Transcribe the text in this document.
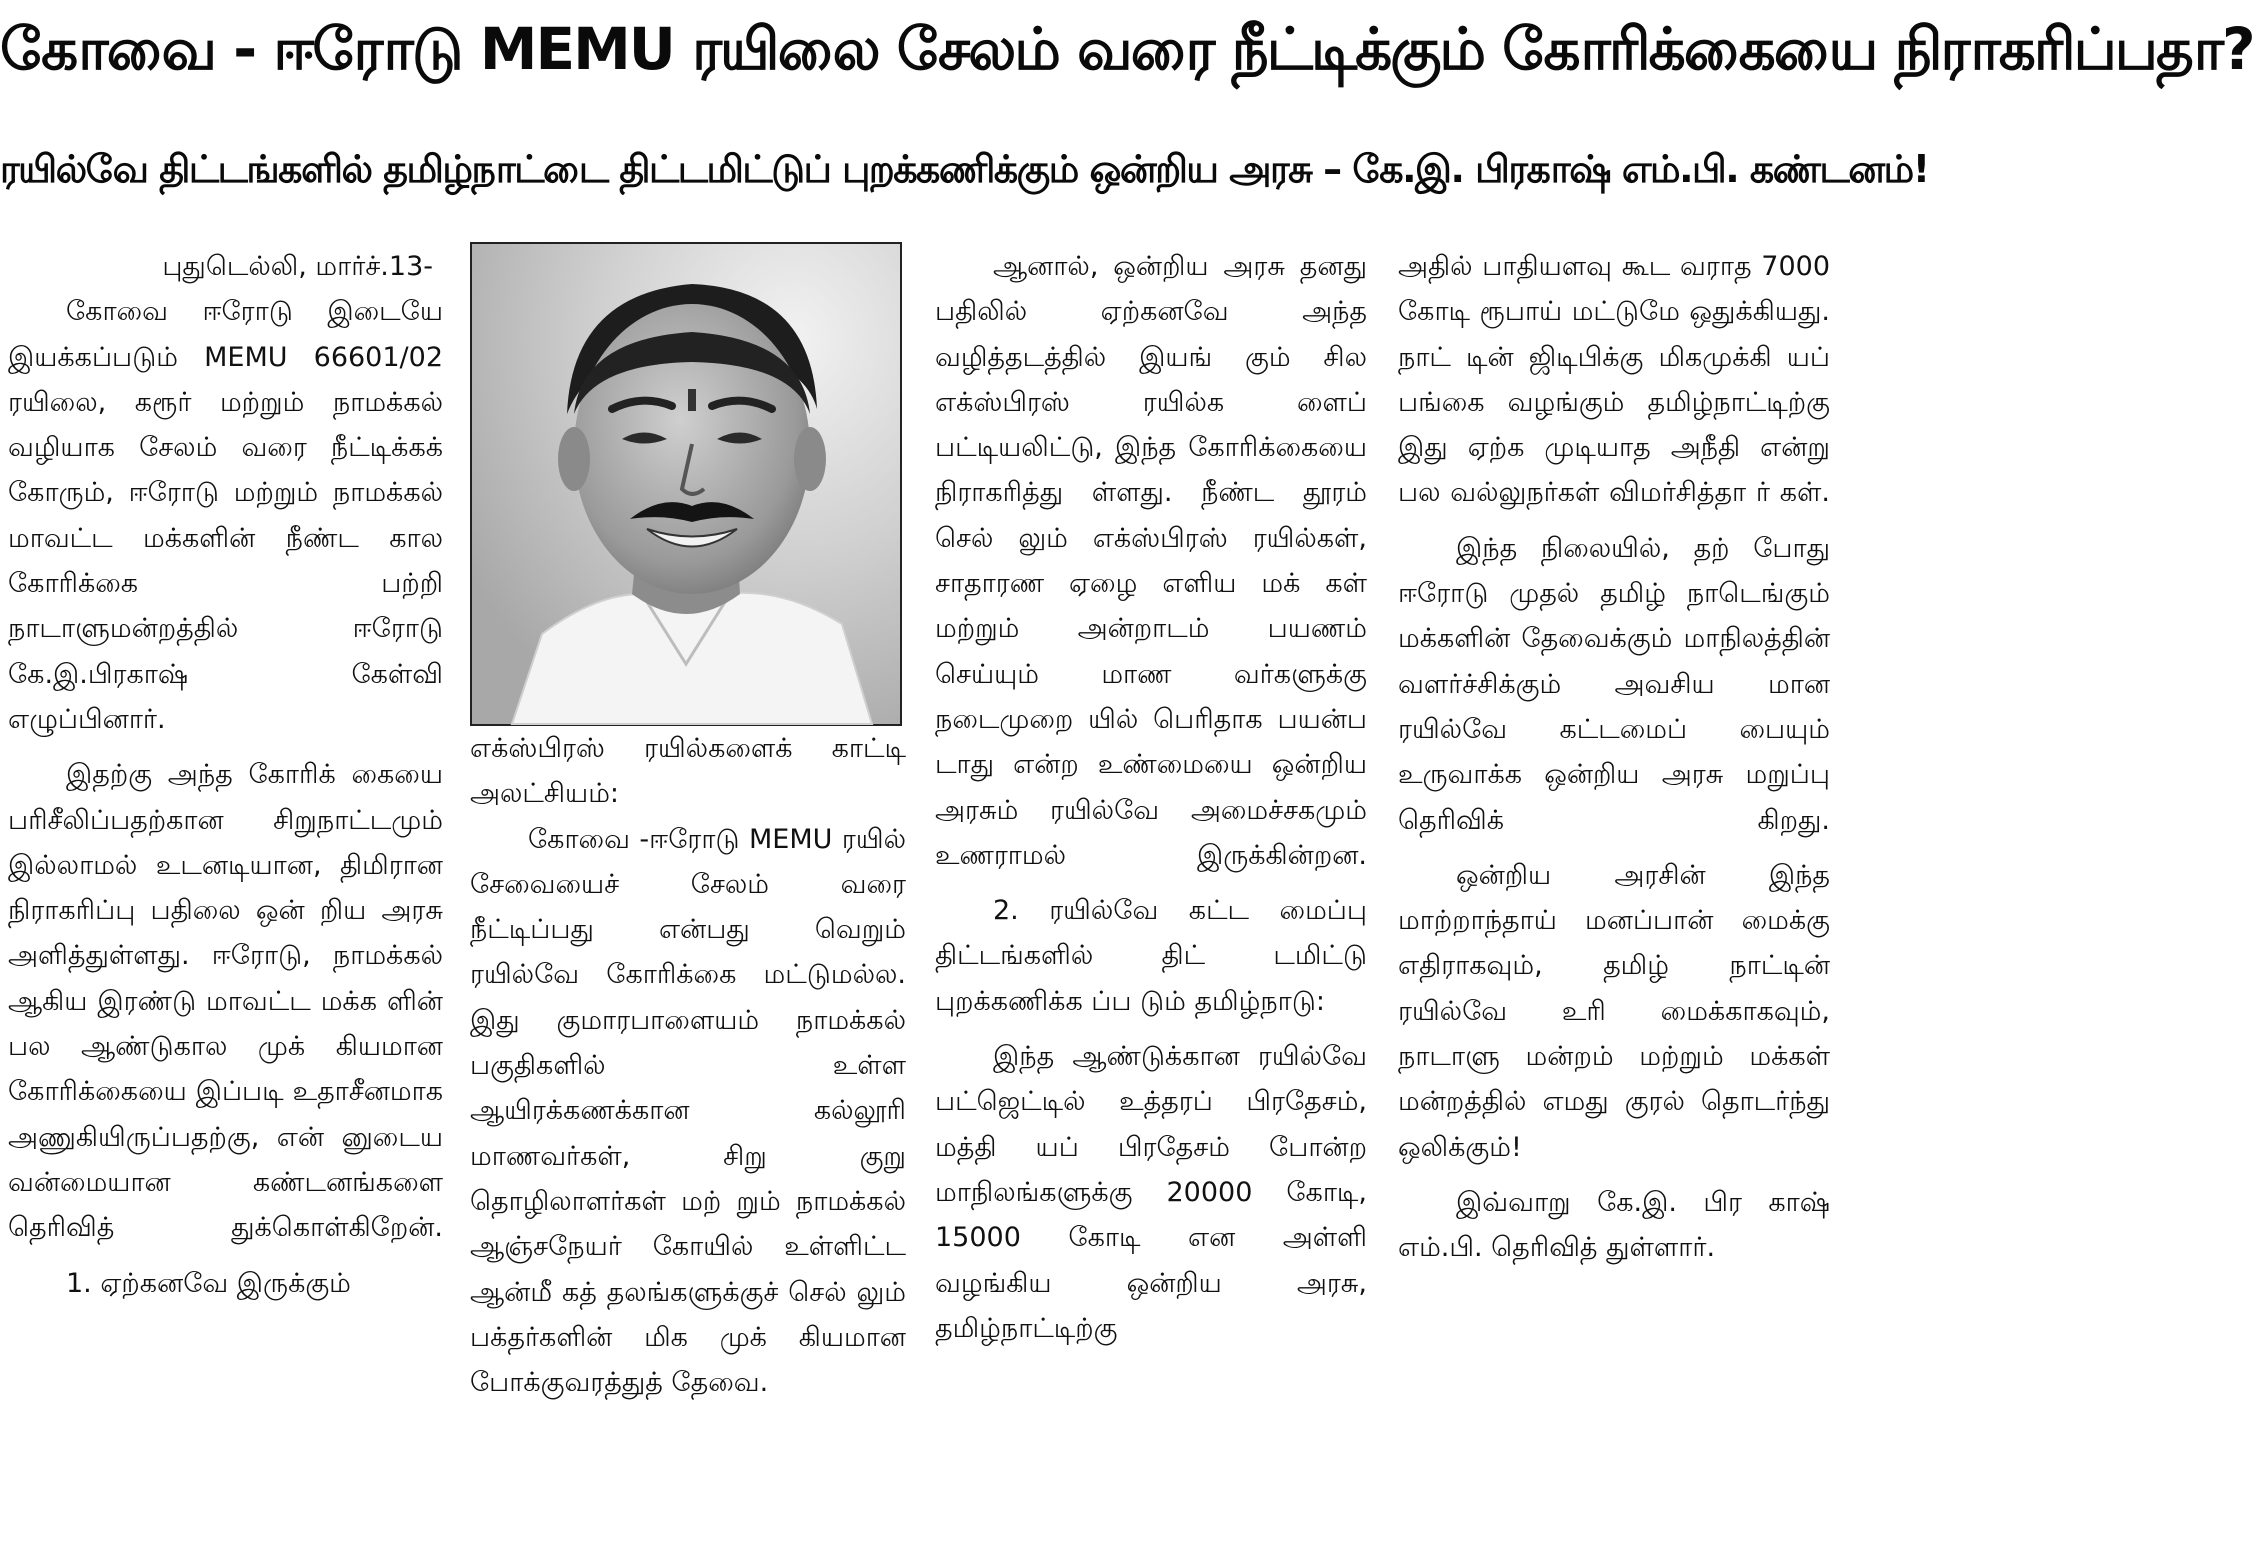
கோவை - ஈரோடு MEMU ரயிலை சேலம் வரை நீட்டிக்கும் கோரிக்கையை நிராகரிப்பதா?
ரயில்வே திட்டங்களில் தமிழ்நாட்டை திட்டமிட்டுப் புறக்கணிக்கும் ஒன்றிய அரசு – கே.இ. பிரகாஷ் எம்.பி. கண்டனம்!

புதுடெல்லி, மார்ச்.13-

கோவை ஈரோடு இடையே இயக்கப்படும் MEMU 66601/02 ரயிலை, கரூர் மற்றும் நாமக்கல் வழியாக சேலம் வரை நீட்டிக்கக் கோரும், ஈரோடு மற்றும் நாமக்கல் மாவட்ட மக்களின் நீண்ட கால கோரிக்கை பற்றி நாடாளுமன்றத்தில் ஈரோடு கே.இ.பிரகாஷ் கேள்வி எழுப்பினார்.

இதற்கு அந்த கோரிக் கையை பரிசீலிப்பதற்கான சிறுநாட்டமும் இல்லாமல் உடனடியான, திமிரான நிராகரிப்பு பதிலை ஒன் றிய அரசு அளித்துள்ளது. ஈரோடு, நாமக்கல் ஆகிய இரண்டு மாவட்ட மக்க ளின் பல ஆண்டுகால முக் கியமான கோரிக்கையை இப்படி உதாசீனமாக அணுகியிருப்பதற்கு, என் னுடைய வன்மையான கண்டனங்களை தெரிவித் துக்கொள்கிறேன்.

1. ஏற்கனவே இருக்கும்

எக்ஸ்பிரஸ் ரயில்களைக் காட்டி அலட்சியம்:

கோவை -ஈரோடு MEMU ரயில் சேவையைச் சேலம் வரை நீட்டிப்பது என்பது வெறும் ரயில்வே கோரிக்கை மட்டுமல்ல. இது குமாரபாளையம் நாமக்கல் பகுதிகளில் உள்ள ஆயிரக்கணக்கான கல்லூரி மாணவர்கள், சிறு குறு தொழிலாளர்கள் மற் றும் நாமக்கல் ஆஞ்சநேயர் கோயில் உள்ளிட்ட ஆன்மீ கத் தலங்களுக்குச் செல் லும் பக்தர்களின் மிக முக் கியமான போக்குவரத்துத் தேவை.

ஆனால், ஒன்றிய அரசு தனது பதிலில் ஏற்கனவே அந்த வழித்தடத்தில் இயங் கும் சில எக்ஸ்பிரஸ் ரயில்க ளைப் பட்டியலிட்டு, இந்த கோரிக்கையை நிராகரித்து ள்ளது. நீண்ட தூரம் செல் லும் எக்ஸ்பிரஸ் ரயில்கள், சாதாரண ஏழை எளிய மக் கள் மற்றும் அன்றாடம் பயணம் செய்யும் மாண வர்களுக்கு நடைமுறை யில் பெரிதாக பயன்ப டாது என்ற உண்மையை ஒன்றிய அரசும் ரயில்வே அமைச்சகமும் உணராமல் இருக்கின்றன.

2. ரயில்வே கட்ட மைப்பு திட்டங்களில் திட் டமிட்டு புறக்கணிக்க ப்ப டும் தமிழ்நாடு:

இந்த ஆண்டுக்கான ரயில்வே பட்ஜெட்டில் உத்தரப் பிரதேசம், மத்தி யப் பிரதேசம் போன்ற மாநிலங்களுக்கு 20000 கோடி, 15000 கோடி என அள்ளி வழங்கிய ஒன்றிய அரசு, தமிழ்நாட்டிற்கு

அதில் பாதியளவு கூட வராத 7000 கோடி ரூபாய் மட்டுமே ஒதுக்கியது. நாட் டின் ஜிடிபிக்கு மிகமுக்கி யப் பங்கை வழங்கும் தமிழ்நாட்டிற்கு இது ஏற்க முடியாத அநீதி என்று பல வல்லுநர்கள் விமர்சித்தா ர் கள்.

இந்த நிலையில், தற் போது ஈரோடு முதல் தமிழ் நாடெங்கும் மக்களின் தேவைக்கும் மாநிலத்தின் வளர்ச்சிக்கும் அவசிய மான ரயில்வே கட்டமைப் பையும் உருவாக்க ஒன்றிய அரசு மறுப்பு தெரிவிக் கிறது.

ஒன்றிய அரசின் இந்த மாற்றாந்தாய் மனப்பான் மைக்கு எதிராகவும், தமிழ் நாட்டின் ரயில்வே உரி மைக்காகவும், நாடாளு மன்றம் மற்றும் மக்கள் மன்றத்தில் எமது குரல் தொடர்ந்து ஒலிக்கும்!

இவ்வாறு கே.இ. பிர காஷ் எம்.பி. தெரிவித் துள்ளார்.
